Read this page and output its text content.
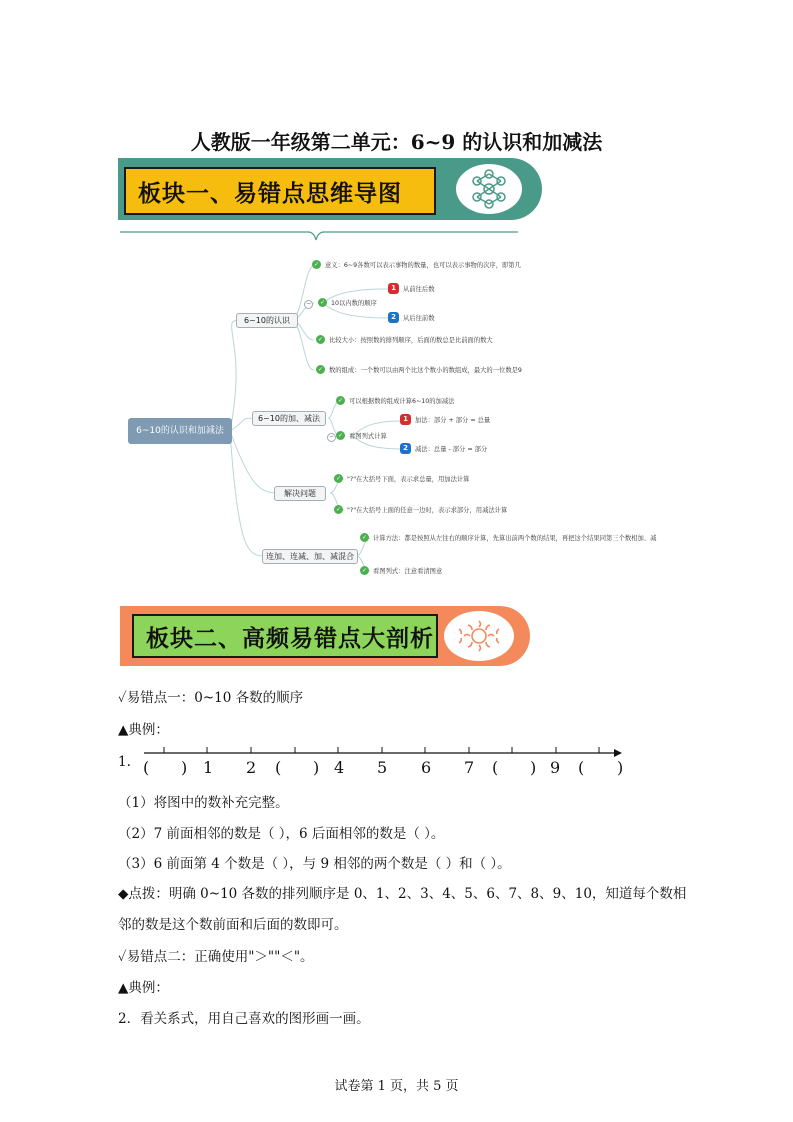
人教版一年级第二单元：6~9 的认识和加减法
板块一、易错点思维导图
6~10的认识和加减法
6~10的认识
6~10的加、减法
解决问题
连加、连减、加、减混合
−
−
✓ 意义：6~9各数可以表示事物的数量，也可以表示事物的次序，即第几
✓ 10以内数的顺序
1	从前往后数
2	从后往前数
✓ 比较大小：按照数的排列顺序，后面的数总是比前面的数大
✓ 数的组成：一个数可以由两个比这个数小的数组成，最大的一位数是9
✓ 可以根据数的组成计算6~10的加减法
✓ 看图列式计算
1	加法：部分 + 部分 = 总量
2	减法：总量 - 部分 = 部分
✓ "?"在大括号下面，表示求总量，用加法计算
✓ "?"在大括号上面的任意一边时，表示求部分，用减法计算
✓ 计算方法：都是按照从左往右的顺序计算，先算出前两个数的结果，再把这个结果同第三个数相加、减
✓ 看图列式：注意看清图意
板块二、高频易错点大剖析
✓易错点一：0~10 各数的顺序
▲典例：
1. ( ) 1 2 ( ) 4 5 6 7 ( ) 9 ( )
（1）将图中的数补充完整。
（2）7 前面相邻的数是（ ），6 后面相邻的数是（ ）。
（3）6 前面第 4 个数是（ ），与 9 相邻的两个数是（ ）和（ ）。
◆点拨：明确 0~10 各数的排列顺序是 0、1、2、3、4、5、6、7、8、9、10，知道每个数相
邻的数是这个数前面和后面的数即可。
✓易错点二：正确使用"＞""＜"。
▲典例：
2．看关系式，用自己喜欢的图形画一画。
试卷第 1 页，共 5 页
